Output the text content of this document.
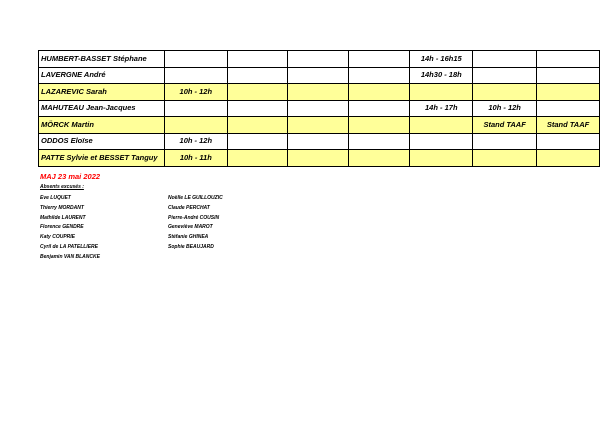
HUMBERT-BASSET Stéphane					14h - 16h15		
LAVERGNE André					14h30 - 18h		
LAZAREVIC Sarah	10h - 12h						
MAHUTEAU Jean-Jacques					14h - 17h	10h - 12h	
MÖRCK Martin						Stand TAAF	Stand TAAF
ODDOS Eloïse	10h - 12h						
PATTE Sylvie et BESSET Tanguy	10h - 11h						
MAJ 23 mai 2022
Absents excusés :
Eve LUQUET
Thierry MORDANT
Mathilde LAURENT
Florence GENDRE
Katy COUPRIE
Cyril de LA PATELLIERE
Benjamin VAN BLANCKE
Noëlle LE GUILLOUZIC
Claude PERCHAT
Pierre-André COUSIN
Geneviève MAROT
Stéfanie GHINEA
Sophie BEAUJARD
